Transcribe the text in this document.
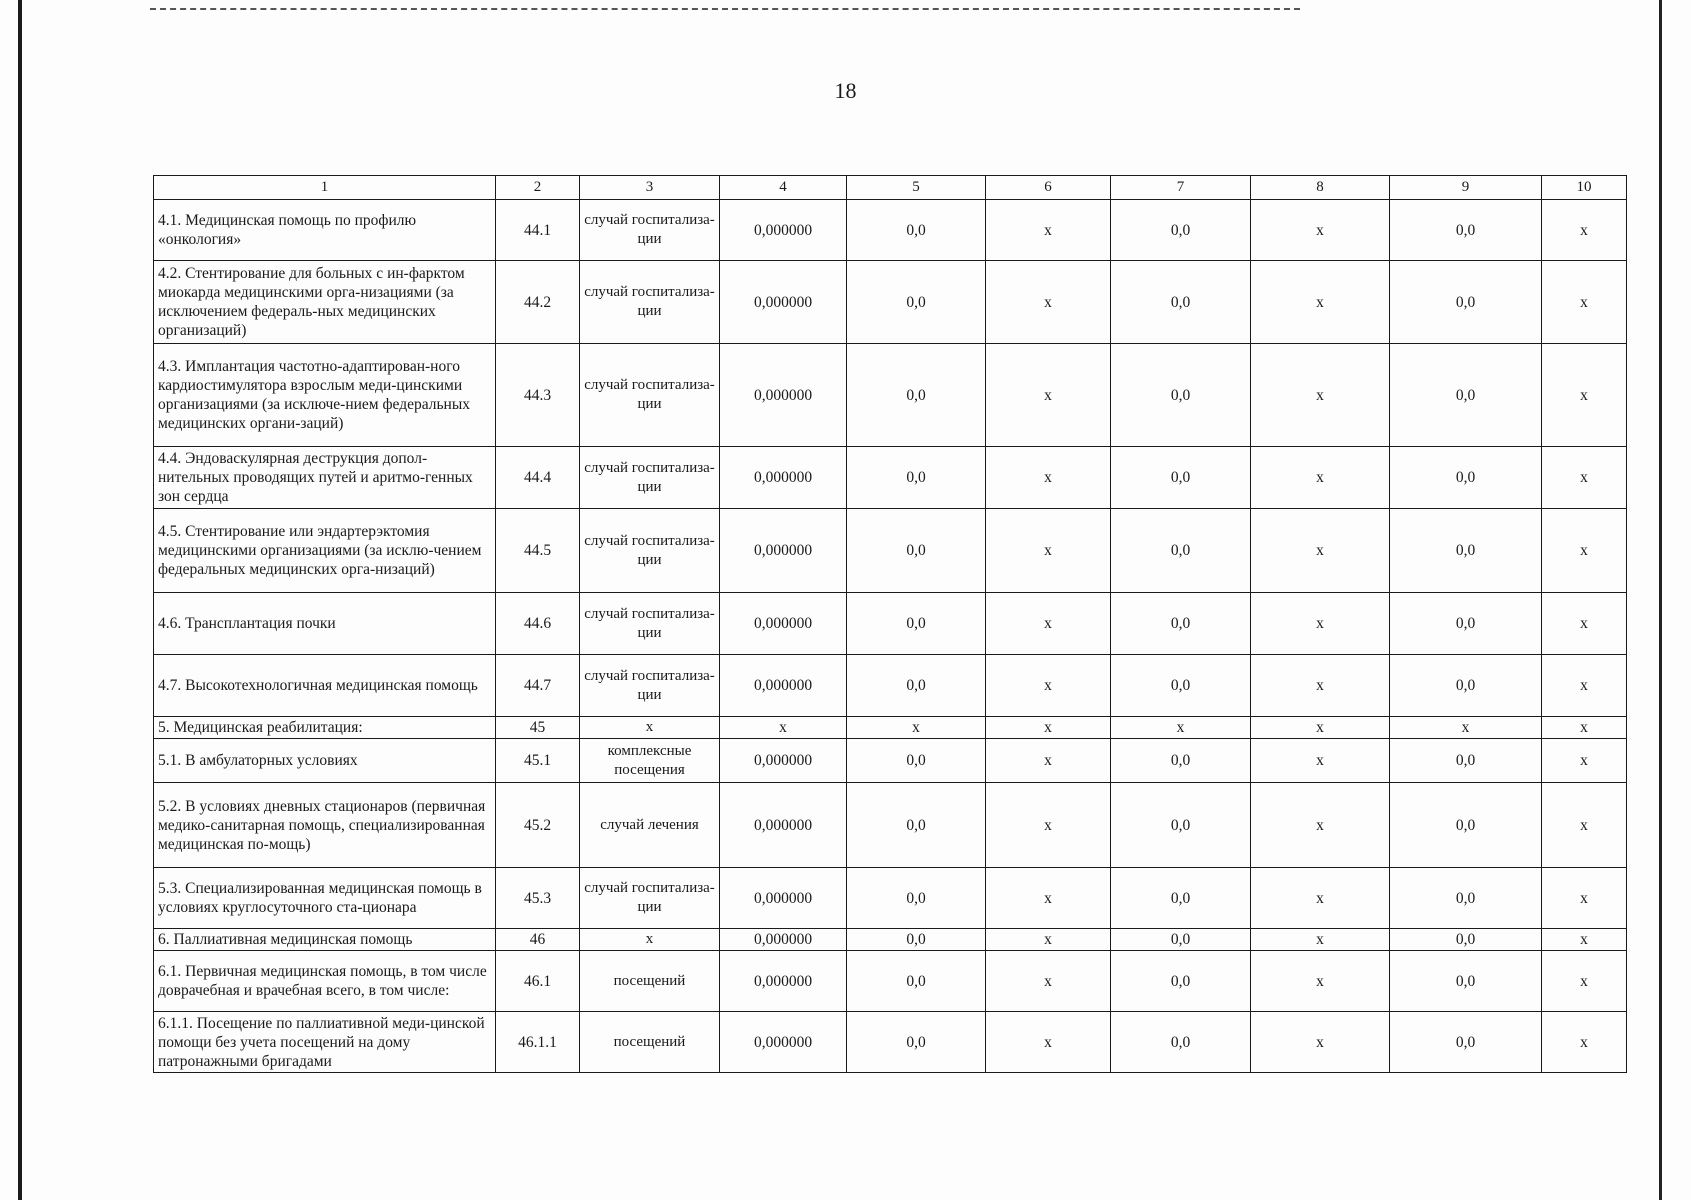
18
1	2	3	4	5	6	7	8	9	10
4.1. Медицинская помощь по профилю «онкология»	44.1	случай госпитализа-ции	0,000000	0,0	х	0,0	х	0,0	х
4.2. Стентирование для больных с ин-фарктом миокарда медицинскими орга-низациями (за исключением федераль-ных медицинских организаций)	44.2	случай госпитализа-ции	0,000000	0,0	х	0,0	х	0,0	х
4.3. Имплантация частотно-адаптирован-ного кардиостимулятора взрослым меди-цинскими организациями (за исключе-нием федеральных медицинских органи-заций)	44.3	случай госпитализа-ции	0,000000	0,0	х	0,0	х	0,0	х
4.4. Эндоваскулярная деструкция допол-нительных проводящих путей и аритмо-генных зон сердца	44.4	случай госпитализа-ции	0,000000	0,0	х	0,0	х	0,0	х
4.5. Стентирование или эндартерэктомия медицинскими организациями (за исклю-чением федеральных медицинских орга-низаций)	44.5	случай госпитализа-ции	0,000000	0,0	х	0,0	х	0,0	х
4.6. Трансплантация почки	44.6	случай госпитализа-ции	0,000000	0,0	х	0,0	х	0,0	х
4.7. Высокотехнологичная медицинская помощь	44.7	случай госпитализа-ции	0,000000	0,0	х	0,0	х	0,0	х
5. Медицинская реабилитация:	45	х	х	х	х	х	х	х	х
5.1. В амбулаторных условиях	45.1	комплексные посещения	0,000000	0,0	х	0,0	х	0,0	х
5.2. В условиях дневных стационаров (первичная медико-санитарная помощь, специализированная медицинская по-мощь)	45.2	случай лечения	0,000000	0,0	х	0,0	х	0,0	х
5.3. Специализированная медицинская помощь в условиях круглосуточного ста-ционара	45.3	случай госпитализа-ции	0,000000	0,0	х	0,0	х	0,0	х
6. Паллиативная медицинская помощь	46	х	0,000000	0,0	х	0,0	х	0,0	х
6.1. Первичная медицинская помощь, в том числе доврачебная и врачебная всего, в том числе:	46.1	посещений	0,000000	0,0	х	0,0	х	0,0	х
6.1.1. Посещение по паллиативной меди-цинской помощи без учета посещений на дому патронажными бригадами	46.1.1	посещений	0,000000	0,0	х	0,0	х	0,0	х
